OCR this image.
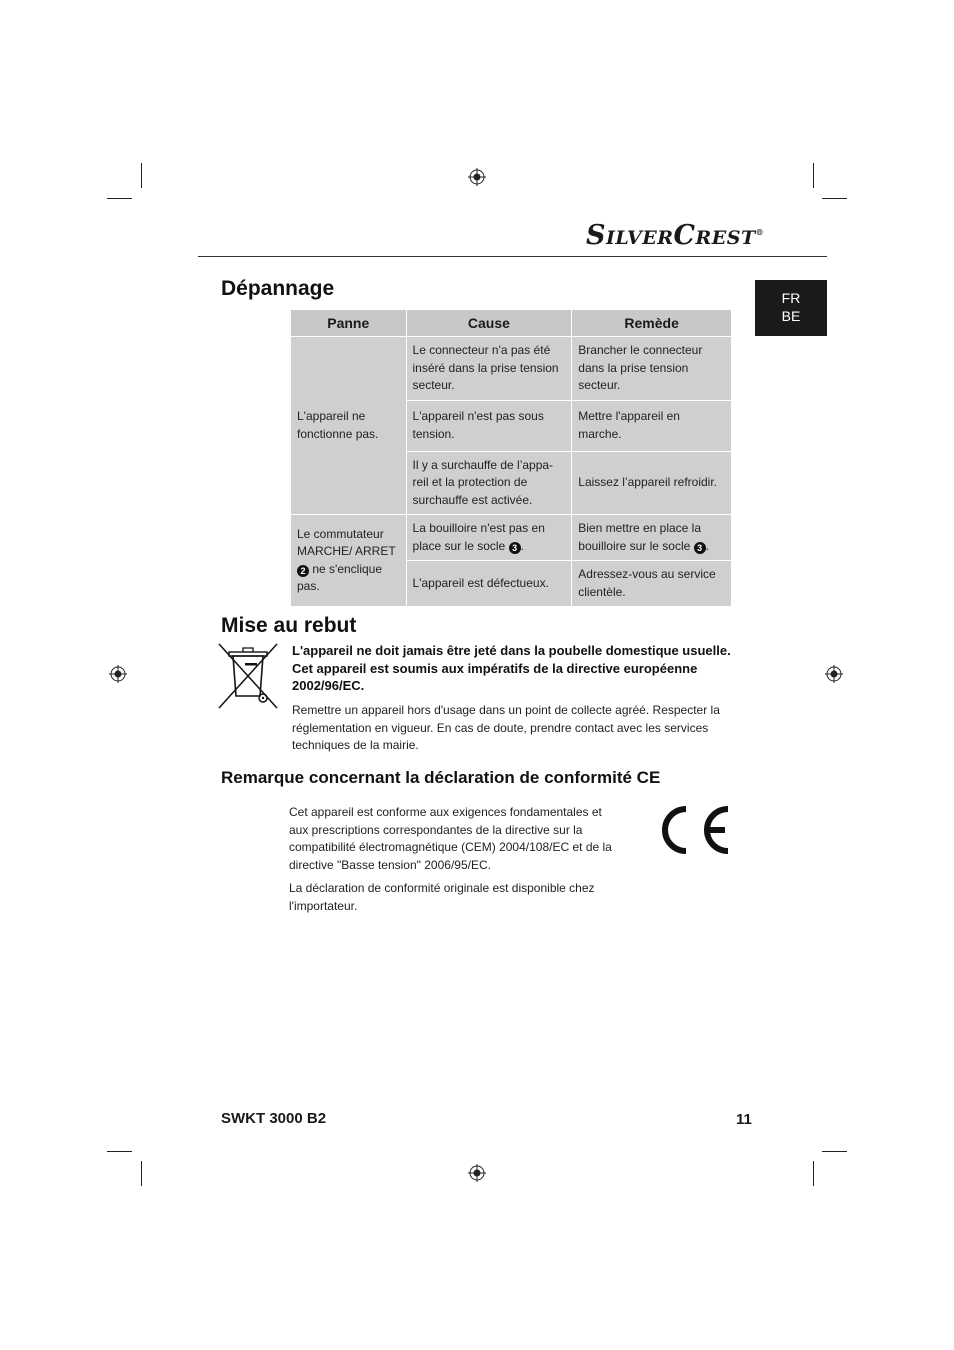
SILVERCREST®
FR
BE
Dépannage
Panne	Cause	Remède
L'appareil ne fonctionne pas.	Le connecteur n'a pas été inséré dans la prise tension secteur.	Brancher le connecteur dans la prise tension secteur.
	L'appareil n'est pas sous tension.	Mettre l'appareil en marche.
	Il y a surchauffe de l’appa-reil et la protection de surchauffe est activée.	Laissez l’appareil refroidir.
Le commutateur MARCHE/ ARRET 2 ne s'enclique pas.	La bouilloire n'est pas en place sur le socle 3 .	Bien mettre en place la bouilloire sur le socle 3 .
	L'appareil est défectueux.	Adressez-vous au service clientèle.
Mise au rebut
L'appareil ne doit jamais être jeté dans la poubelle domestique usuelle. Cet appareil est soumis aux impératifs de la directive européenne 2002/96/EC.
Remettre un appareil hors d'usage dans un point de collecte agréé. Respecter la réglementation en vigueur. En cas de doute, prendre contact avec les services techniques de la mairie.
Remarque concernant la déclaration de conformité CE
Cet appareil est conforme aux exigences fondamentales et aux prescriptions correspondantes de la directive sur la compatibilité électromagnétique (CEM) 2004/108/EC et de la directive "Basse tension" 2006/95/EC.
La déclaration de conformité originale est disponible chez l'importateur.
SWKT 3000 B2	11
